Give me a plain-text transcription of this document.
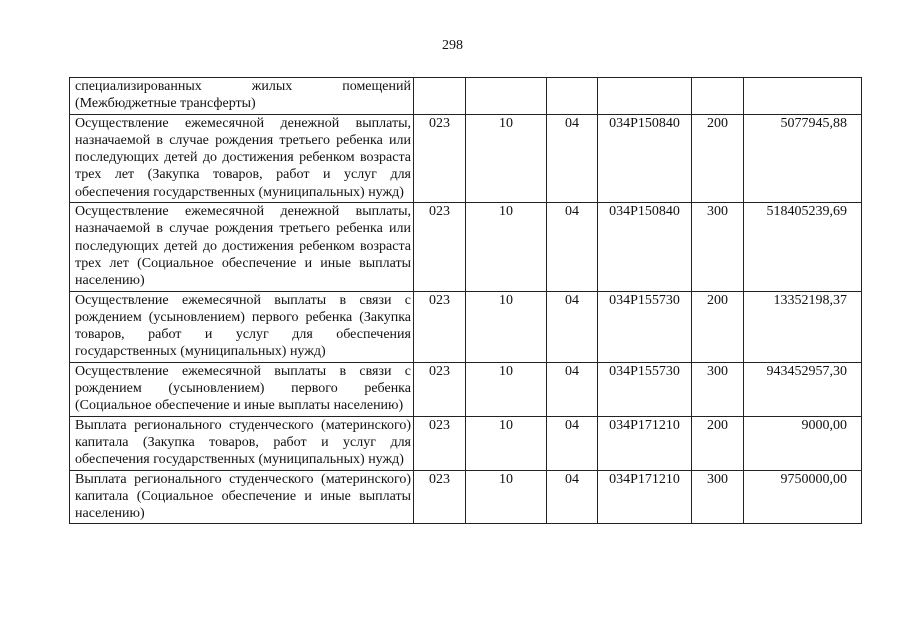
298
специализированных жилых помещений (Межбюджетные трансферты)						
Осуществление ежемесячной денежной выплаты, назначаемой в случае рождения третьего ребенка или последующих детей до достижения ребенком возраста трех лет (Закупка товаров, работ и услуг для обеспечения государственных (муниципальных) нужд)	023	10	04	034P150840	200	5077945,88
Осуществление ежемесячной денежной выплаты, назначаемой в случае рождения третьего ребенка или последующих детей до достижения ребенком возраста трех лет (Социальное обеспечение и иные выплаты населению)	023	10	04	034P150840	300	518405239,69
Осуществление ежемесячной выплаты в связи с рождением (усыновлением) первого ребенка (Закупка товаров, работ и услуг для обеспечения государственных (муниципальных) нужд)	023	10	04	034P155730	200	13352198,37
Осуществление ежемесячной выплаты в связи с рождением (усыновлением) первого ребенка (Социальное обеспечение и иные выплаты населению)	023	10	04	034P155730	300	943452957,30
Выплата регионального студенческого (материнского) капитала (Закупка товаров, работ и услуг для обеспечения государственных (муниципальных) нужд)	023	10	04	034P171210	200	9000,00
Выплата регионального студенческого (материнского) капитала (Социальное обеспечение и иные выплаты населению)	023	10	04	034P171210	300	9750000,00
